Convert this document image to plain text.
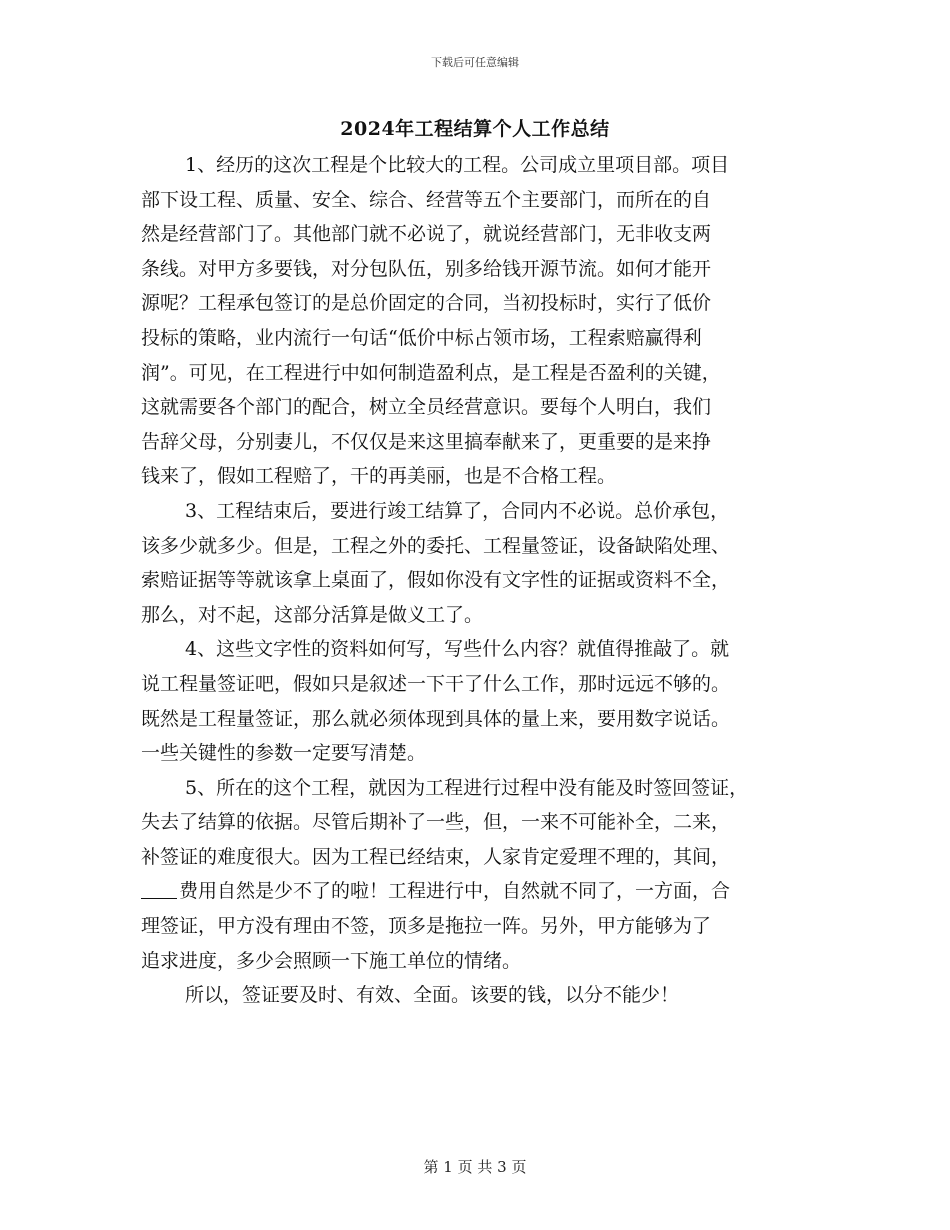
下载后可任意编辑
2024年工程结算个人工作总结

1、经历的这次工程是个比较大的工程。公司成立里项目部。项目
部下设工程、质量、安全、综合、经营等五个主要部门，而所在的自
然是经营部门了。其他部门就不必说了，就说经营部门，无非收支两
条线。对甲方多要钱，对分包队伍，别多给钱开源节流。如何才能开
源呢？工程承包签订的是总价固定的合同，当初投标时，实行了低价
投标的策略，业内流行一句话“低价中标占领市场，工程索赔赢得利
润”。可见，在工程进行中如何制造盈利点，是工程是否盈利的关键，
这就需要各个部门的配合，树立全员经营意识。要每个人明白，我们
告辞父母，分别妻儿，不仅仅是来这里搞奉献来了，更重要的是来挣
钱来了，假如工程赔了，干的再美丽，也是不合格工程。

3、工程结束后，要进行竣工结算了，合同内不必说。总价承包，
该多少就多少。但是，工程之外的委托、工程量签证，设备缺陷处理、
索赔证据等等就该拿上桌面了，假如你没有文字性的证据或资料不全，
那么，对不起，这部分活算是做义工了。

4、这些文字性的资料如何写，写些什么内容？就值得推敲了。就
说工程量签证吧，假如只是叙述一下干了什么工作，那时远远不够的。
既然是工程量签证，那么就必须体现到具体的量上来，要用数字说话。
一些关键性的参数一定要写清楚。

5、所在的这个工程，就因为工程进行过程中没有能及时签回签证，
失去了结算的依据。尽管后期补了一些，但，一来不可能补全，二来，
补签证的难度很大。因为工程已经结束，人家肯定爱理不理的，其间，
费用自然是少不了的啦！工程进行中，自然就不同了，一方面，合
理签证，甲方没有理由不签，顶多是拖拉一阵。另外，甲方能够为了
追求进度，多少会照顾一下施工单位的情绪。

所以，签证要及时、有效、全面。该要的钱，以分不能少！

第 1 页 共 3 页
